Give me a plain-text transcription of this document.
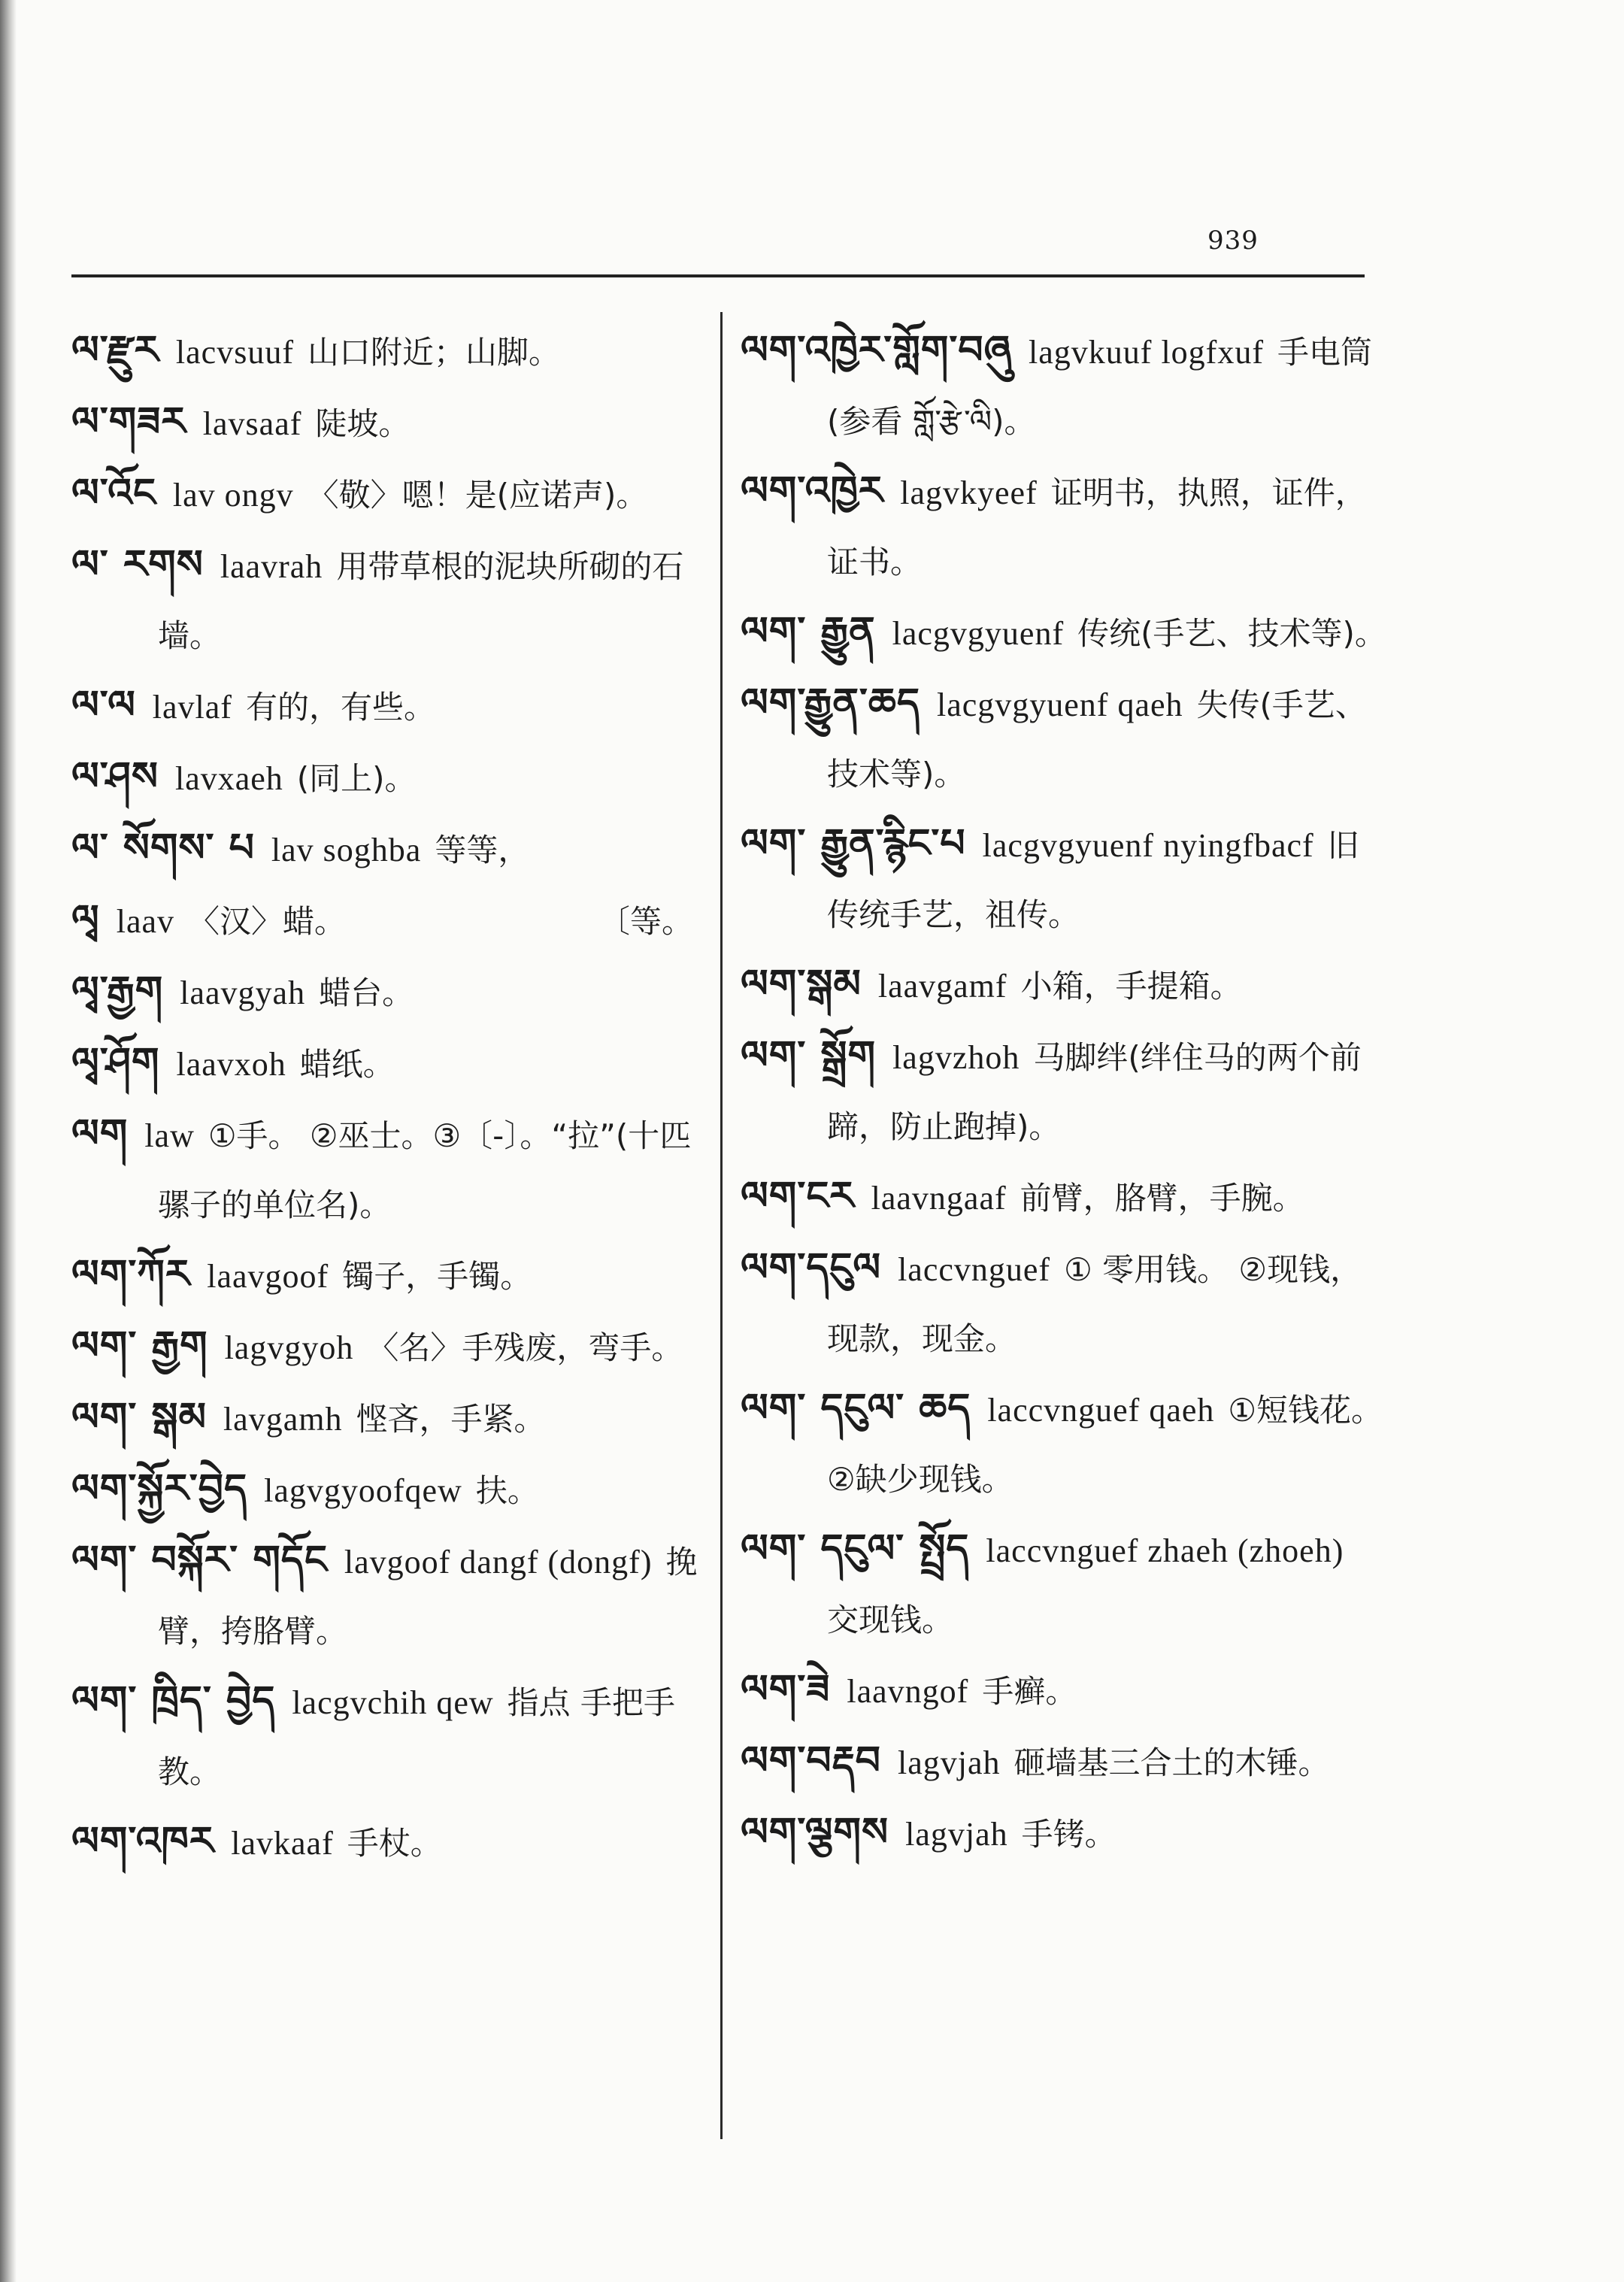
939
ལ་རྫུར lacvsuuf 山口附近；山脚。
ལ་གཟར lavsaaf 陡坡。
ལ་འོང lav ongv 〈敬〉嗯！是(应诺声)。
ལ་ རགས laavrah 用带草根的泥块所砌的石墙。
ལ་ལ lavlaf 有的，有些。
ལ་ཤས lavxaeh (同上)。
ལ་ སོགས་ པ lav soghba 等等，
ལྭ laav 〈汉〉蜡。　　　　　　　　　〔等。
ལྭ་རྒྱག laavgyah 蜡台。
ལྭ་ཤོག laavxoh 蜡纸。
ལག law ①手。 ②巫士。③〔-〕。“拉”(十匹骡子的单位名)。
ལག་ཀོར laavgoof 镯子，手镯。
ལག་ རྒྱག lagvgyoh 〈名〉手残废，弯手。
ལག་ སྒམ lavgamh 悭吝，手紧。
ལག་སྐྱོར་བྱེད lagvgyoofqew 扶。
ལག་ བསྐོར་ གདོང lavgoof dangf (dongf) 挽臂，挎胳臂。
ལག་ ཁྲིད་ བྱེད lacgvchih qew 指点 手把手教。
ལག་འཁར lavkaaf 手杖。
ལག་འཁྱེར་གློག་བཞུ lagvkuuf logfxuf 手电筒　(参看 གློ་རྩེ་ལི)。
ལག་འཁྱེར lagvkyeef 证明书，执照，证件，证书。
ལག་ རྒྱུན lacgvgyuenf 传统(手艺、技术等)。
ལག་རྒྱུན་ཆད lacgvgyuenf qaeh 失传(手艺、技术等)。
ལག་ རྒྱུན་རྙིང་པ lacgvgyuenf nyingfbacf 旧传统手艺，祖传。
ལག་སྒམ laavgamf 小箱，手提箱。
ལག་ སྒྲོག lagvzhoh 马脚绊(绊住马的两个前蹄，防止跑掉)。
ལག་ངར laavngaaf 前臂，胳臂，手腕。
ལག་དངུལ laccvnguef ① 零用钱。 ②现钱，现款，现金。
ལག་ དངུལ་ ཆད laccvnguef qaeh ①短钱花。 ②缺少现钱。
ལག་ དངུལ་ སྤྲོད laccvnguef zhaeh (zhoeh)交现钱。
ལག་ཟེ laavngof 手癣。
ལག་བརྡབ lagvjah 砸墙基三合土的木锤。
ལག་ལྕགས lagvjah 手铐。
